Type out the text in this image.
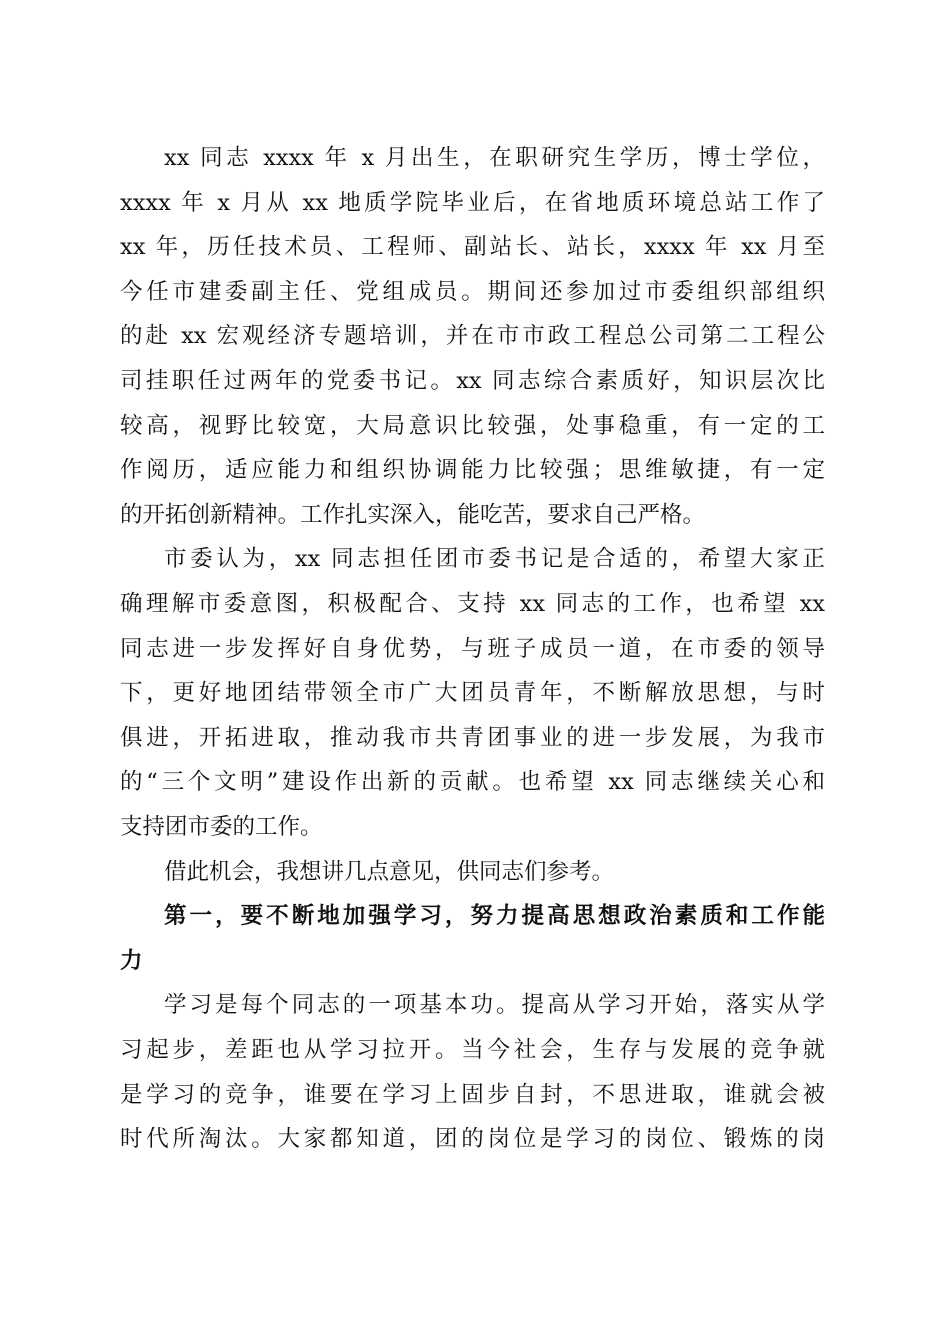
xx 同志 xxxx 年 x 月出生，在职研究生学历，博士学位，
xxxx 年 x 月从 xx 地质学院毕业后，在省地质环境总站工作了
xx 年，历任技术员、工程师、副站长、站长，xxxx 年 xx 月至
今任市建委副主任、党组成员。期间还参加过市委组织部组织
的赴 xx 宏观经济专题培训，并在市市政工程总公司第二工程公
司挂职任过两年的党委书记。xx 同志综合素质好，知识层次比
较高，视野比较宽，大局意识比较强，处事稳重，有一定的工
作阅历，适应能力和组织协调能力比较强；思维敏捷，有一定
的开拓创新精神。工作扎实深入，能吃苦，要求自己严格。
市委认为，xx 同志担任团市委书记是合适的，希望大家正
确理解市委意图，积极配合、支持 xx 同志的工作，也希望 xx
同志进一步发挥好自身优势，与班子成员一道，在市委的领导
下，更好地团结带领全市广大团员青年，不断解放思想，与时
俱进，开拓进取，推动我市共青团事业的进一步发展，为我市
的“三个文明”建设作出新的贡献。也希望 xx 同志继续关心和
支持团市委的工作。
借此机会，我想讲几点意见，供同志们参考。
第一，要不断地加强学习，努力提高思想政治素质和工作能
力
学习是每个同志的一项基本功。提高从学习开始，落实从学
习起步，差距也从学习拉开。当今社会，生存与发展的竞争就
是学习的竞争，谁要在学习上固步自封，不思进取，谁就会被
时代所淘汰。大家都知道，团的岗位是学习的岗位、锻炼的岗
